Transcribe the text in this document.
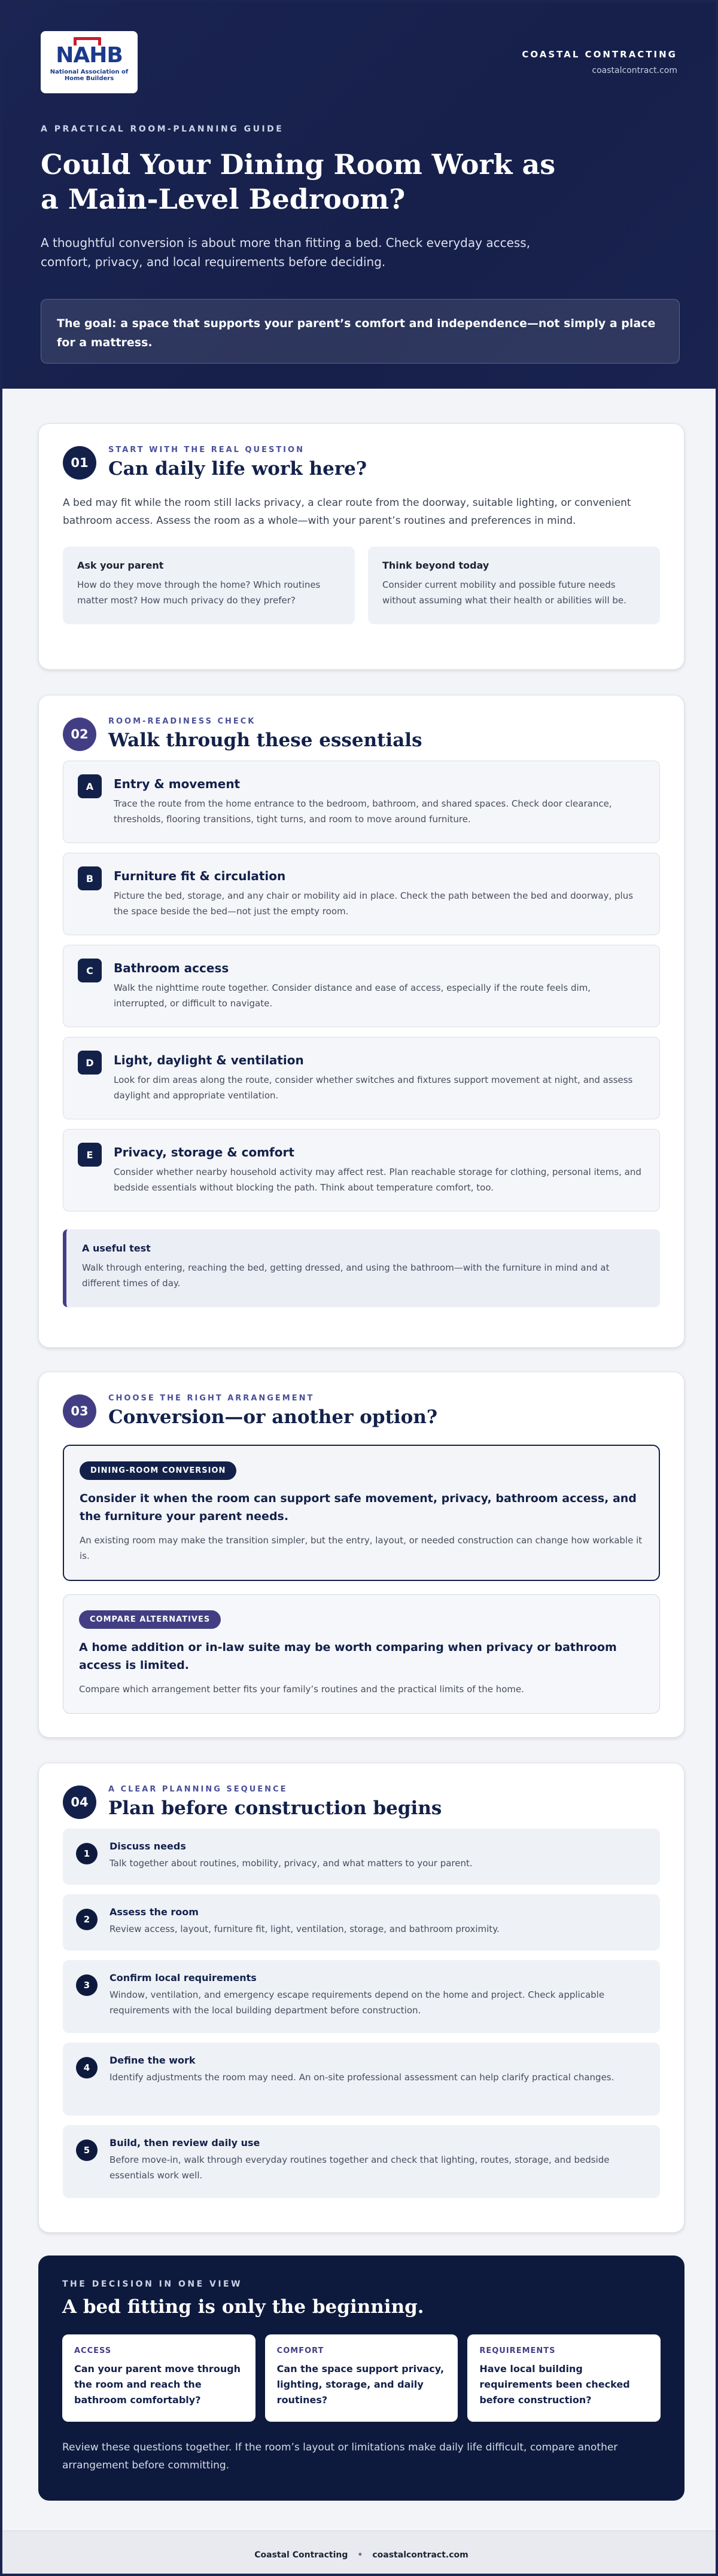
NAHB
National Association of Home Builders
COASTAL CONTRACTING
coastalcontract.com
A PRACTICAL ROOM-PLANNING GUIDE
Could Your Dining Room Work as a Main-Level Bedroom?

A thoughtful conversion is about more than fitting a bed. Check everyday access, comfort, privacy, and local requirements before deciding.

The goal: a space that supports your parent’s comfort and independence—not simply a place for a mattress.
01
START WITH THE REAL QUESTION
Can daily life work here?

A bed may fit while the room still lacks privacy, a clear route from the doorway, suitable lighting, or convenient bathroom access. Assess the room as a whole—with your parent’s routines and preferences in mind.

Ask your parent

How do they move through the home? Which routines matter most? How much privacy do they prefer?

Think beyond today

Consider current mobility and possible future needs without assuming what their health or abilities will be.

02
ROOM-READINESS CHECK
Walk through these essentials
A	Entry & movement

Trace the route from the home entrance to the bedroom, bathroom, and shared spaces. Check door clearance, thresholds, flooring transitions, tight turns, and room to move around furniture.

B	Furniture fit & circulation

Picture the bed, storage, and any chair or mobility aid in place. Check the path between the bed and doorway, plus the space beside the bed—not just the empty room.

C	Bathroom access

Walk the nighttime route together. Consider distance and ease of access, especially if the route feels dim, interrupted, or difficult to navigate.

D	Light, daylight & ventilation

Look for dim areas along the route, consider whether switches and fixtures support movement at night, and assess daylight and appropriate ventilation.

E	Privacy, storage & comfort

Consider whether nearby household activity may affect rest. Plan reachable storage for clothing, personal items, and bedside essentials without blocking the path. Think about temperature comfort, too.

A useful test

Walk through entering, reaching the bed, getting dressed, and using the bathroom—with the furniture in mind and at different times of day.

03
CHOOSE THE RIGHT ARRANGEMENT
Conversion—or another option?
DINING-ROOM CONVERSION
Consider it when the room can support safe movement, privacy, bathroom access, and the furniture your parent needs.

An existing room may make the transition simpler, but the entry, layout, or needed construction can change how workable it is.

COMPARE ALTERNATIVES
A home addition or in-law suite may be worth comparing when privacy or bathroom access is limited.

Compare which arrangement better fits your family’s routines and the practical limits of the home.

04
A CLEAR PLANNING SEQUENCE
Plan before construction begins
1
Discuss needs

Talk together about routines, mobility, privacy, and what matters to your parent.

2
Assess the room

Review access, layout, furniture fit, light, ventilation, storage, and bathroom proximity.

3
Confirm local requirements

Window, ventilation, and emergency escape requirements depend on the home and project. Check applicable requirements with the local building department before construction.

4
Define the work

Identify adjustments the room may need. An on-site professional assessment can help clarify practical changes.

5
Build, then review daily use

Before move-in, walk through everyday routines together and check that lighting, routes, storage, and bedside essentials work well.

THE DECISION IN ONE VIEW
A bed fitting is only the beginning.
ACCESS
Can your parent move through the room and reach the bathroom comfortably?
COMFORT
Can the space support privacy, lighting, storage, and daily routines?
REQUIREMENTS
Have local building requirements been checked before construction?

Review these questions together. If the room’s layout or limitations make daily life difficult, compare another arrangement before committing.

Coastal Contracting • coastalcontract.com
